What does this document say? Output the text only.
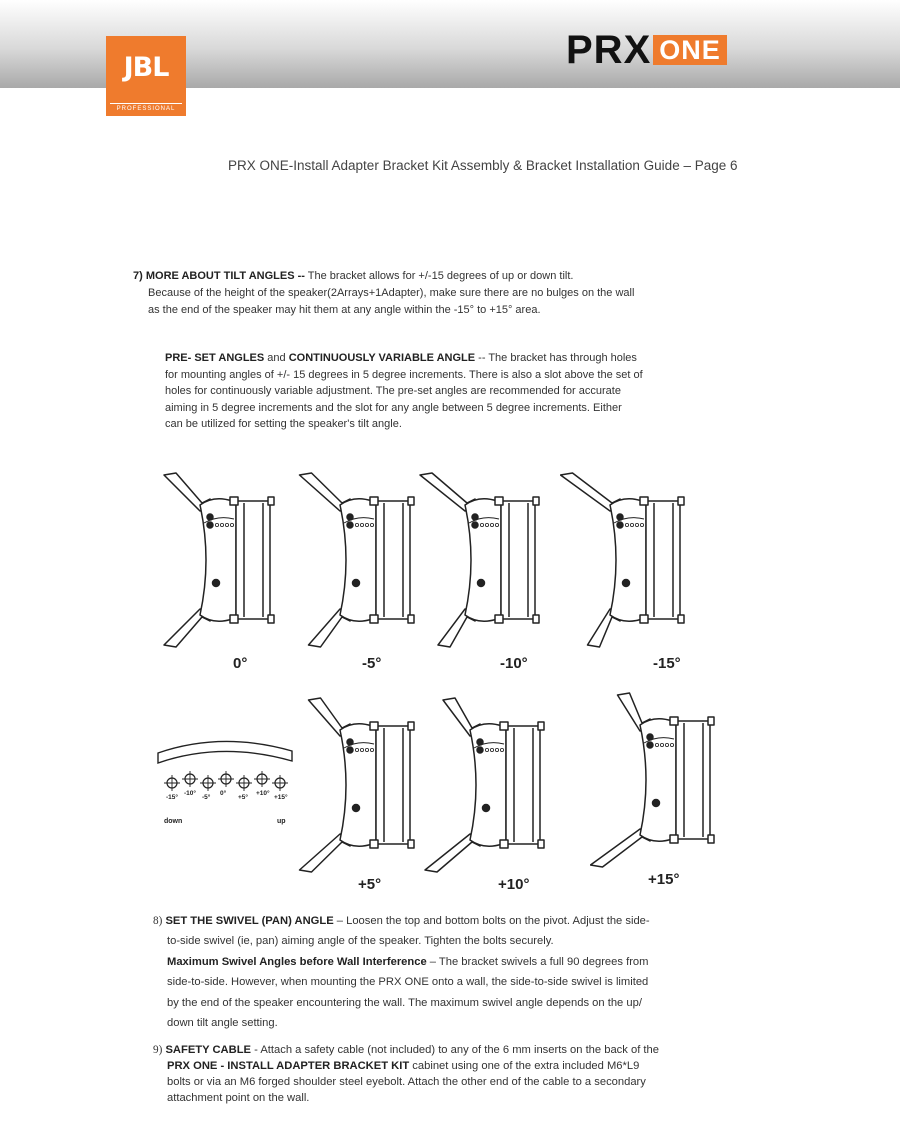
JBL
PROFESSIONAL
PRX ONE
PRX ONE-Install Adapter Bracket Kit Assembly & Bracket Installation Guide – Page 6
7) MORE ABOUT TILT ANGLES -- The bracket allows for +/-15 degrees of up or down tilt.
Because of the height of the speaker(2Arrays+1Adapter), make sure there are no bulges on the wall
as the end of the speaker may hit them at any angle within the -15° to +15° area.
PRE- SET ANGLES and CONTINUOUSLY VARIABLE ANGLE -- The bracket has through holes
for mounting angles of +/- 15 degrees in 5 degree increments. There is also a slot above the set of
holes for continuously variable adjustment. The pre-set angles are recommended for accurate
aiming in 5 degree increments and the slot for any angle between 5 degree increments. Either
can be utilized for setting the speaker's tilt angle.
-15°
-10°
-5°
0°
+5°
+10°
+15°
down	up
0°	-5°	-10°	-15°
+5°	+10°	+15°
8) SET THE SWIVEL (PAN) ANGLE – Loosen the top and bottom bolts on the pivot. Adjust the side-
to-side swivel (ie, pan) aiming angle of the speaker. Tighten the bolts securely.
Maximum Swivel Angles before Wall Interference – The bracket swivels a full 90 degrees from
side-to-side. However, when mounting the PRX ONE onto a wall, the side-to-side swivel is limited
by the end of the speaker encountering the wall. The maximum swivel angle depends on the up/
down tilt angle setting.
9) SAFETY CABLE - Attach a safety cable (not included) to any of the 6 mm inserts on the back of the
PRX ONE - INSTALL ADAPTER BRACKET KIT cabinet using one of the extra included M6*L9
bolts or via an M6 forged shoulder steel eyebolt. Attach the other end of the cable to a secondary
attachment point on the wall.
